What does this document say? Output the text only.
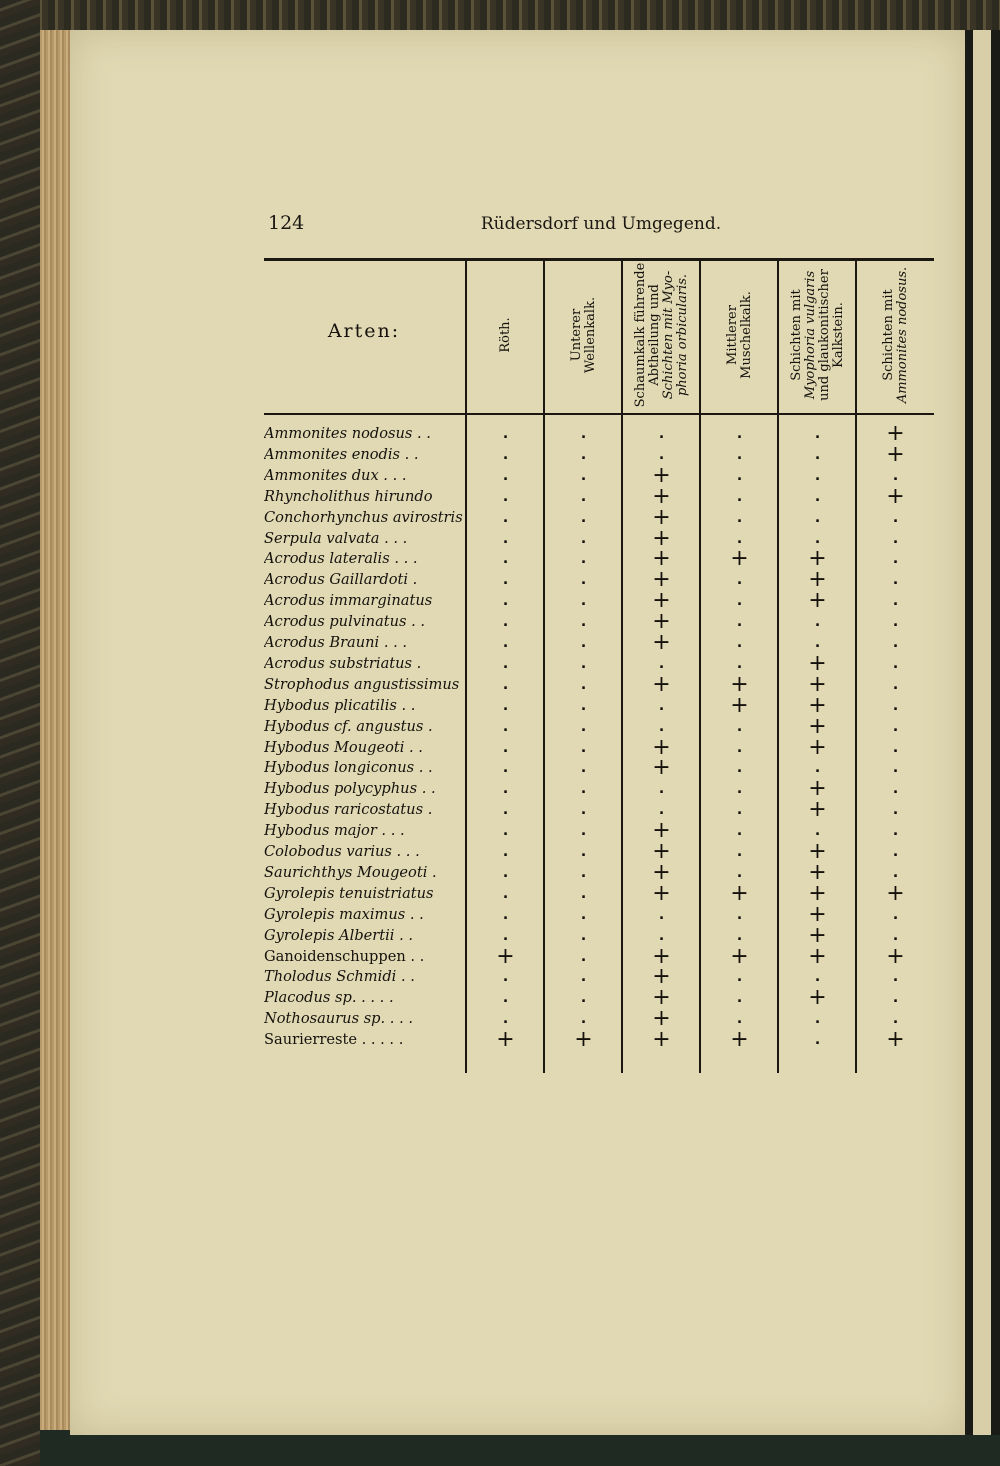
124	Rüdersdorf und Umgegend.
Arten:	Röth.	Unterer Wellenkalk.	Schaumkalk führende Abtheilung und Schichten mit Myo- phoria orbicularis.	Mittlerer Muschelkalk.	Schichten mit Myophoria vulgaris und glaukonitischer Kalkstein.	Schichten mit Ammonites nodosus.
Ammonites nodosus . .	.	.	.	.	.	+
Ammonites enodis . .	.	.	.	.	.	+
Ammonites dux . . .	.	.	+	.	.	.
Rhyncholithus hirundo	.	.	+	.	.	+
Conchorhynchus avirostris	.	.	+	.	.	.
Serpula valvata . . .	.	.	+	.	.	.
Acrodus lateralis . . .	.	.	+	+	+	.
Acrodus Gaillardoti .	.	.	+	.	+	.
Acrodus immarginatus	.	.	+	.	+	.
Acrodus pulvinatus . .	.	.	+	.	.	.
Acrodus Brauni . . .	.	.	+	.	.	.
Acrodus substriatus .	.	.	.	.	+	.
Strophodus angustissimus	.	.	+	+	+	.
Hybodus plicatilis . .	.	.	.	+	+	.
Hybodus cf. angustus .	.	.	.	.	+	.
Hybodus Mougeoti . .	.	.	+	.	+	.
Hybodus longiconus . .	.	.	+	.	.	.
Hybodus polycyphus . .	.	.	.	.	+	.
Hybodus raricostatus .	.	.	.	.	+	.
Hybodus major . . .	.	.	+	.	.	.
Colobodus varius . . .	.	.	+	.	+	.
Saurichthys Mougeoti .	.	.	+	.	+	.
Gyrolepis tenuistriatus	.	.	+	+	+	+
Gyrolepis maximus . .	.	.	.	.	+	.
Gyrolepis Albertii . .	.	.	.	.	+	.
Ganoidenschuppen . .	+	.	+	+	+	+
Tholodus Schmidi . .	.	.	+	.	.	.
Placodus sp. . . . .	.	.	+	.	+	.
Nothosaurus sp. . . .	.	.	+	.	.	.
Saurierreste . . . . .	+	+	+	+	.	+
